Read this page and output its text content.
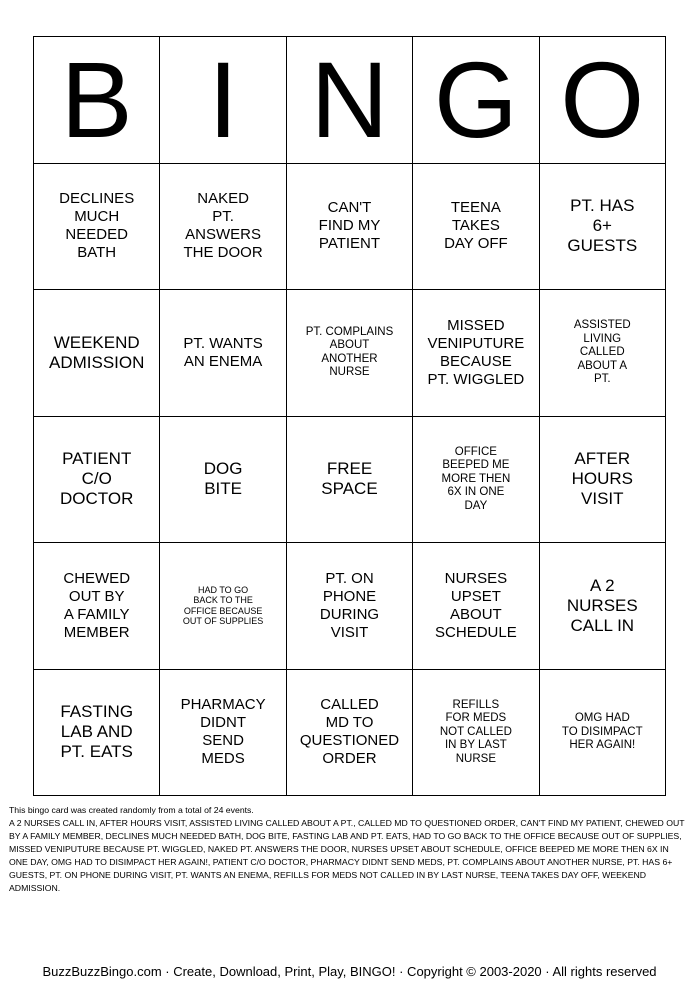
B I N G O
DECLINES
MUCH
NEEDED
BATH
NAKED
PT.
ANSWERS
THE DOOR
CAN'T
FIND MY
PATIENT
TEENA
TAKES
DAY OFF
PT. HAS
6+
GUESTS
WEEKEND
ADMISSION
PT. WANTS
AN ENEMA
PT. COMPLAINS
ABOUT
ANOTHER
NURSE
MISSED
VENIPUTURE
BECAUSE
PT. WIGGLED
ASSISTED
LIVING
CALLED
ABOUT A
PT.
PATIENT
C/O
DOCTOR
DOG
BITE
FREE
SPACE
OFFICE
BEEPED ME
MORE THEN
6X IN ONE
DAY
AFTER
HOURS
VISIT
CHEWED
OUT BY
A FAMILY
MEMBER
HAD TO GO
BACK TO THE
OFFICE BECAUSE
OUT OF SUPPLIES
PT. ON
PHONE
DURING
VISIT
NURSES
UPSET
ABOUT
SCHEDULE
A 2
NURSES
CALL IN
FASTING
LAB AND
PT. EATS
PHARMACY
DIDNT
SEND
MEDS
CALLED
MD TO
QUESTIONED
ORDER
REFILLS
FOR MEDS
NOT CALLED
IN BY LAST
NURSE
OMG HAD
TO DISIMPACT
HER AGAIN!
This bingo card was created randomly from a total of 24 events.
A 2 NURSES CALL IN, AFTER HOURS VISIT, ASSISTED LIVING CALLED ABOUT A PT., CALLED MD TO QUESTIONED ORDER, CAN'T FIND MY PATIENT, CHEWED OUT BY A FAMILY MEMBER, DECLINES MUCH NEEDED BATH, DOG BITE, FASTING LAB AND PT. EATS, HAD TO GO BACK TO THE OFFICE BECAUSE OUT OF SUPPLIES, MISSED VENIPUTURE BECAUSE PT. WIGGLED, NAKED PT. ANSWERS THE DOOR, NURSES UPSET ABOUT SCHEDULE, OFFICE BEEPED ME MORE THEN 6X IN ONE DAY, OMG HAD TO DISIMPACT HER AGAIN!, PATIENT C/O DOCTOR, PHARMACY DIDNT SEND MEDS, PT. COMPLAINS ABOUT ANOTHER NURSE, PT. HAS 6+ GUESTS, PT. ON PHONE DURING VISIT, PT. WANTS AN ENEMA, REFILLS FOR MEDS NOT CALLED IN BY LAST NURSE, TEENA TAKES DAY OFF, WEEKEND ADMISSION.
BuzzBuzzBingo.com · Create, Download, Print, Play, BINGO! · Copyright © 2003-2020 · All rights reserved
